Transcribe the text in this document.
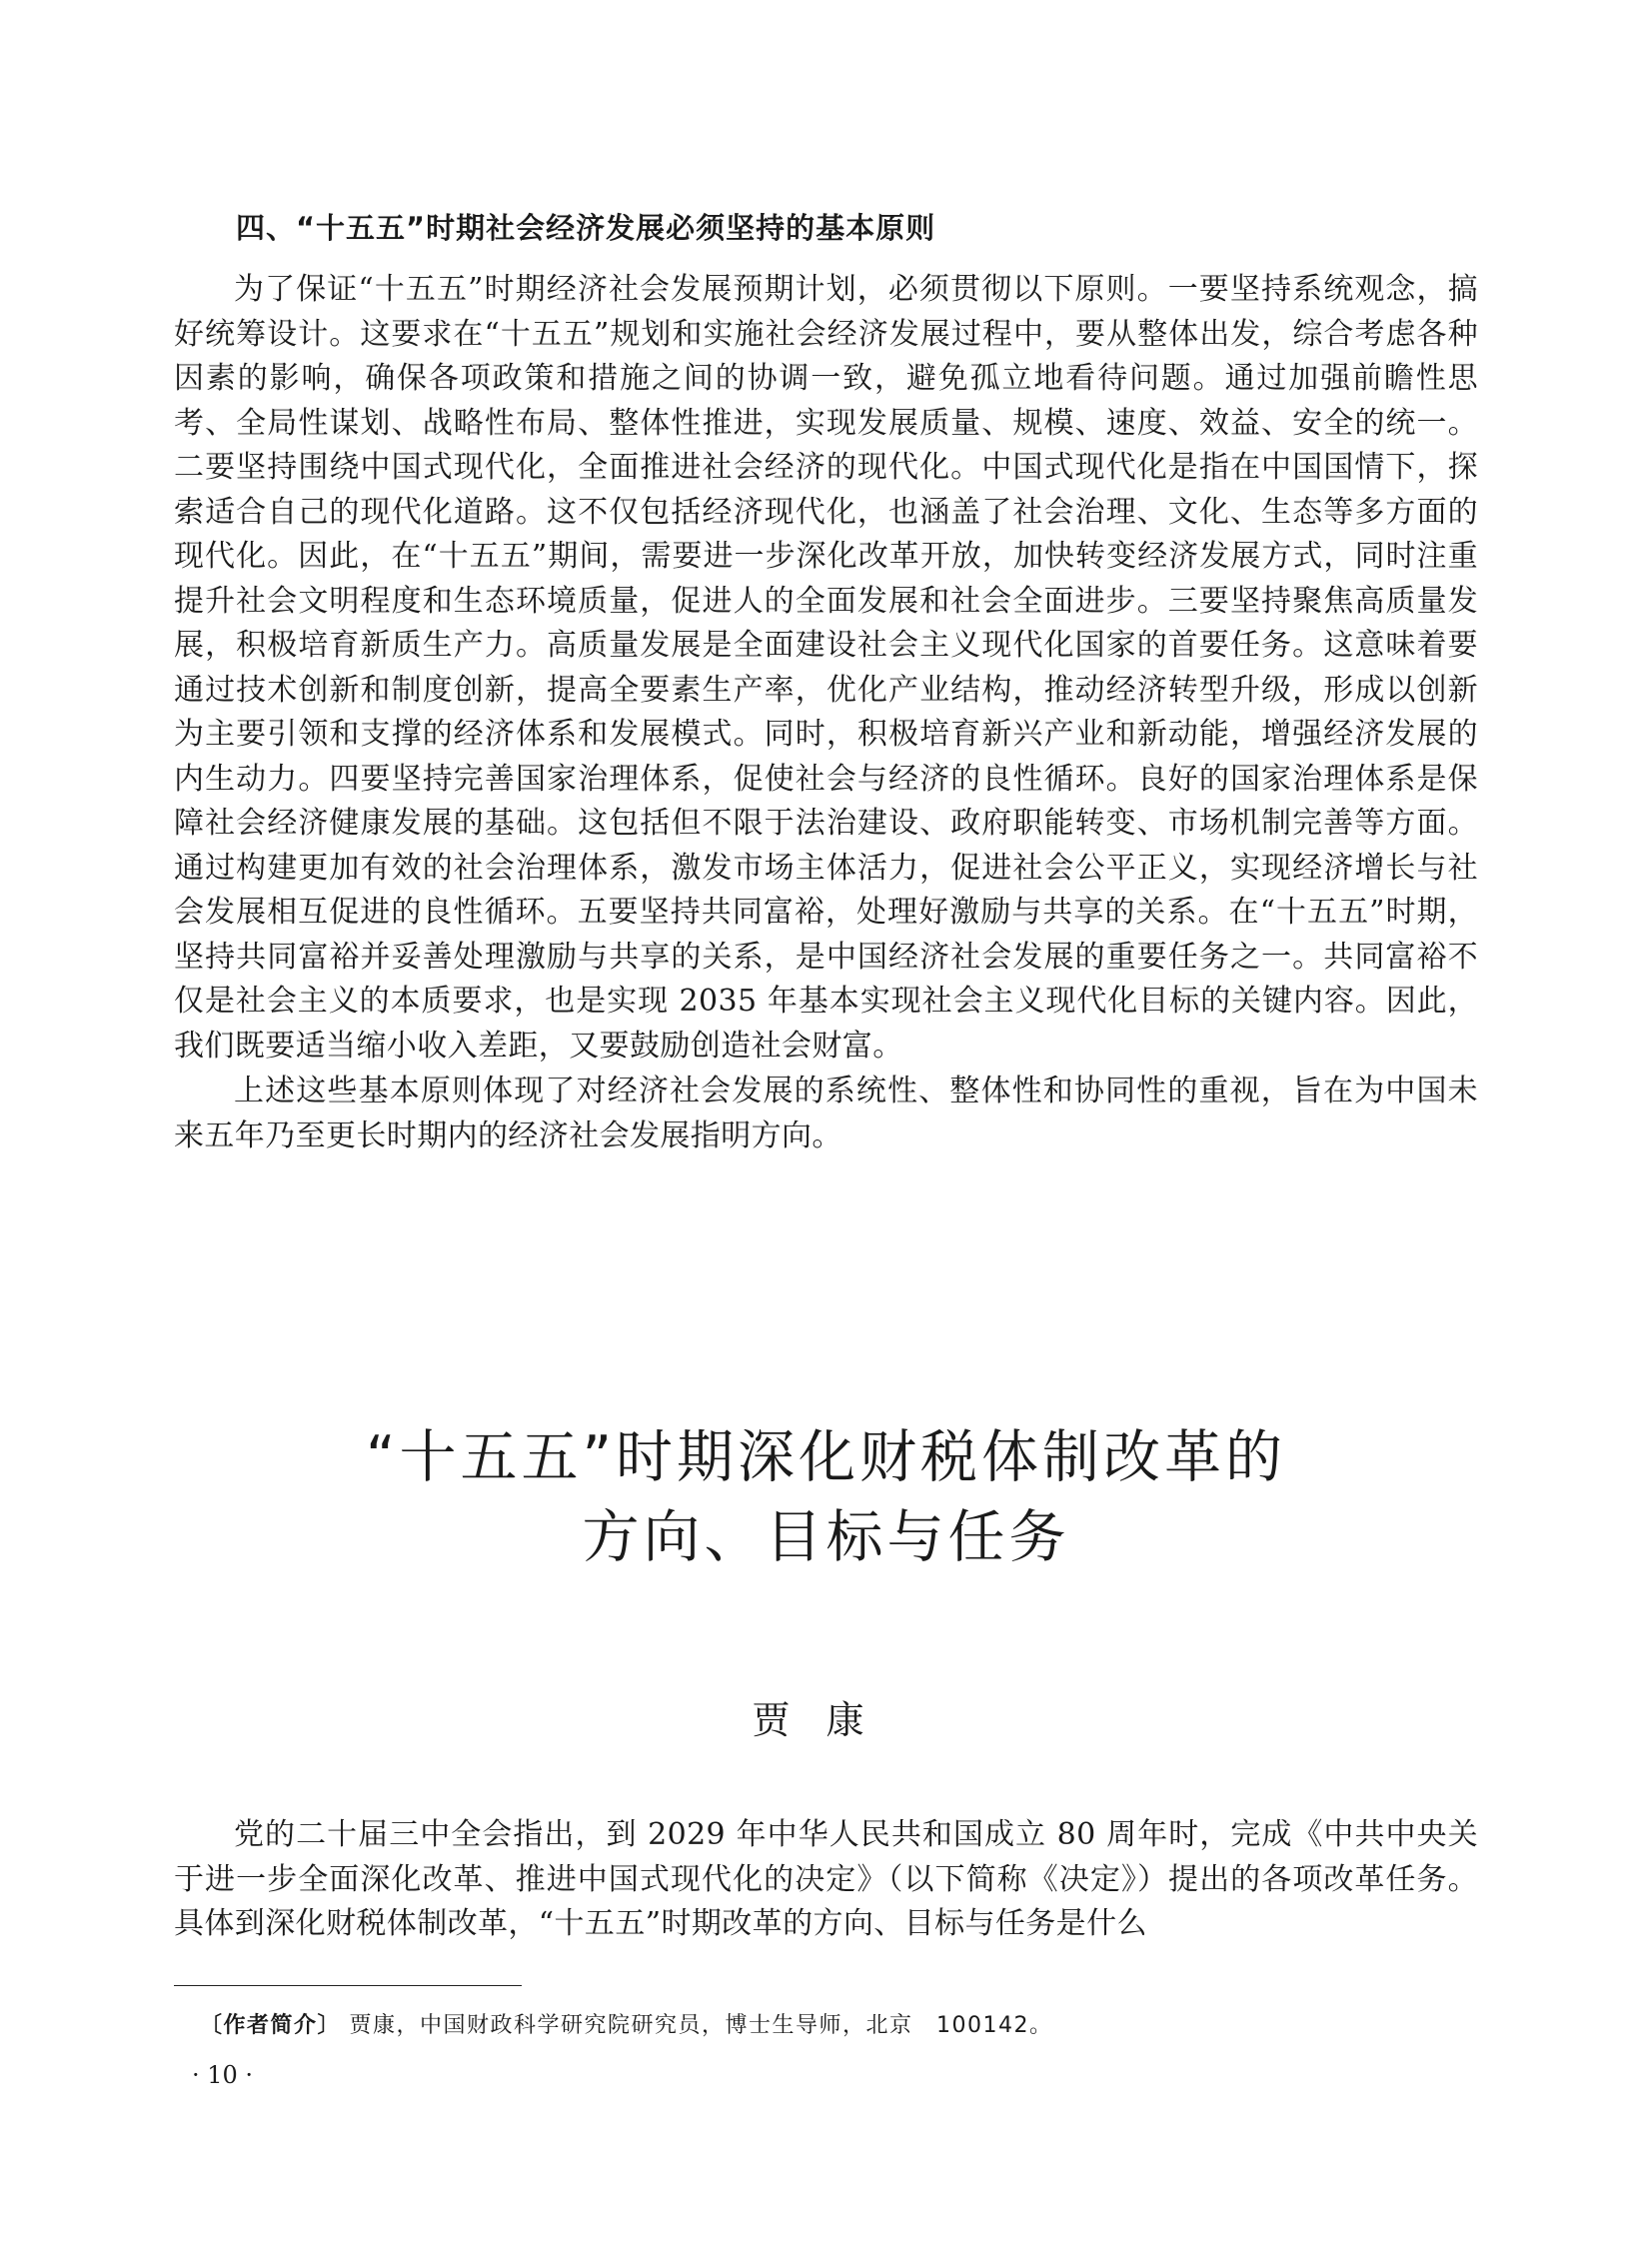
四、“十五五”时期社会经济发展必须坚持的基本原则

为了保证“十五五”时期经济社会发展预期计划，必须贯彻以下原则。一要坚持系统观念，搞好统筹设计。这要求在“十五五”规划和实施社会经济发展过程中，要从整体出发，综合考虑各种因素的影响，确保各项政策和措施之间的协调一致，避免孤立地看待问题。通过加强前瞻性思考、全局性谋划、战略性布局、整体性推进，实现发展质量、规模、速度、效益、安全的统一。二要坚持围绕中国式现代化，全面推进社会经济的现代化。中国式现代化是指在中国国情下，探索适合自己的现代化道路。这不仅包括经济现代化，也涵盖了社会治理、文化、生态等多方面的现代化。因此，在“十五五”期间，需要进一步深化改革开放，加快转变经济发展方式，同时注重提升社会文明程度和生态环境质量，促进人的全面发展和社会全面进步。三要坚持聚焦高质量发展，积极培育新质生产力。高质量发展是全面建设社会主义现代化国家的首要任务。这意味着要通过技术创新和制度创新，提高全要素生产率，优化产业结构，推动经济转型升级，形成以创新为主要引领和支撑的经济体系和发展模式。同时，积极培育新兴产业和新动能，增强经济发展的内生动力。四要坚持完善国家治理体系，促使社会与经济的良性循环。良好的国家治理体系是保障社会经济健康发展的基础。这包括但不限于法治建设、政府职能转变、市场机制完善等方面。通过构建更加有效的社会治理体系，激发市场主体活力，促进社会公平正义，实现经济增长与社会发展相互促进的良性循环。五要坚持共同富裕，处理好激励与共享的关系。在“十五五”时期，坚持共同富裕并妥善处理激励与共享的关系，是中国经济社会发展的重要任务之一。共同富裕不仅是社会主义的本质要求，也是实现 2035 年基本实现社会主义现代化目标的关键内容。因此，我们既要适当缩小收入差距，又要鼓励创造社会财富。

上述这些基本原则体现了对经济社会发展的系统性、整体性和协同性的重视，旨在为中国未来五年乃至更长时期内的经济社会发展指明方向。

“十五五”时期深化财税体制改革的
方向、目标与任务
贾康

党的二十届三中全会指出，到 2029 年中华人民共和国成立 80 周年时，完成《中共中央关于进一步全面深化改革、推进中国式现代化的决定》（以下简称《决定》）提出的各项改革任务。具体到深化财税体制改革，“十五五”时期改革的方向、目标与任务是什么

〔作者简介〕 贾康，中国财政科学研究院研究员，博士生导师，北京　100142。
· 10 ·
